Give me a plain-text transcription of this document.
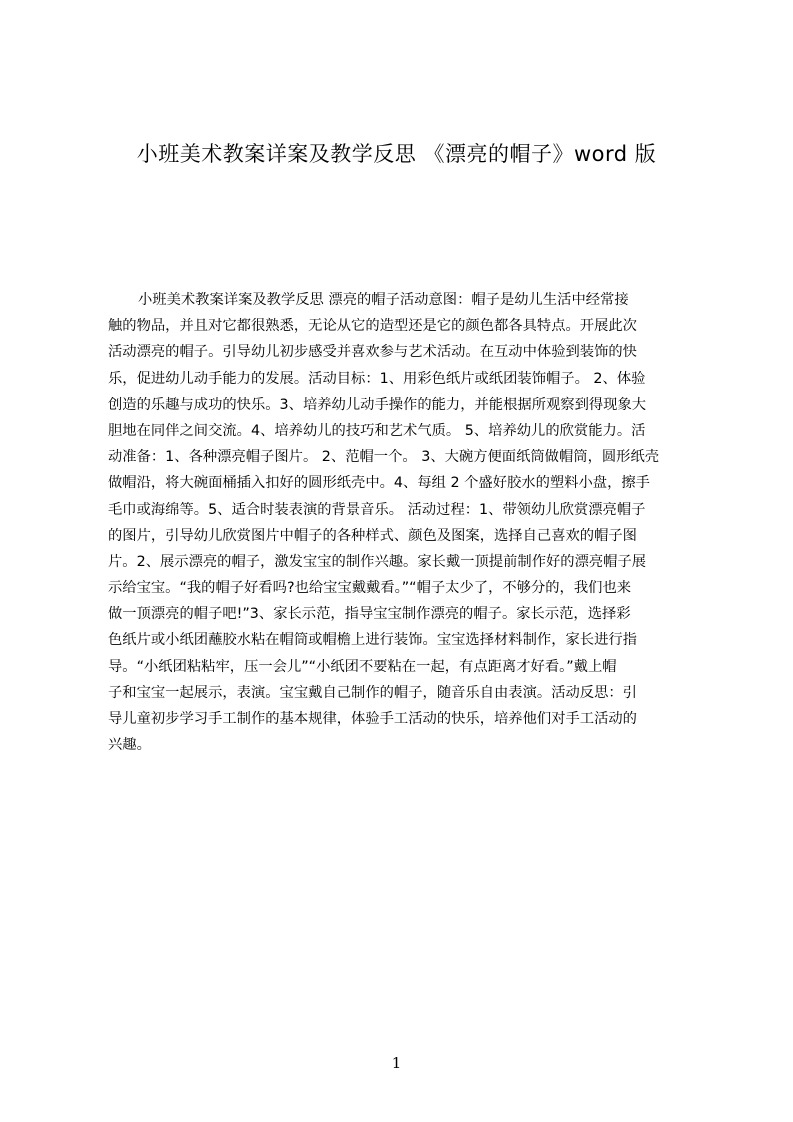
小班美术教案详案及教学反思 《漂亮的帽子》word 版
小班美术教案详案及教学反思 漂亮的帽子活动意图：帽子是幼儿生活中经常接
触的物品，并且对它都很熟悉，无论从它的造型还是它的颜色都各具特点。开展此次
活动漂亮的帽子。引导幼儿初步感受并喜欢参与艺术活动。在互动中体验到装饰的快
乐，促进幼儿动手能力的发展。活动目标：1、用彩色纸片或纸团装饰帽子。 2、体验
创造的乐趣与成功的快乐。3、培养幼儿动手操作的能力，并能根据所观察到得现象大
胆地在同伴之间交流。4、培养幼儿的技巧和艺术气质。 5、培养幼儿的欣赏能力。活
动准备：1、各种漂亮帽子图片。 2、范帽一个。 3、大碗方便面纸筒做帽筒，圆形纸壳
做帽沿，将大碗面桶插入扣好的圆形纸壳中。4、每组 2 个盛好胶水的塑料小盘，擦手
毛巾或海绵等。5、适合时装表演的背景音乐。 活动过程：1、带领幼儿欣赏漂亮帽子
的图片，引导幼儿欣赏图片中帽子的各种样式、颜色及图案，选择自己喜欢的帽子图
片。2、展示漂亮的帽子，激发宝宝的制作兴趣。家长戴一顶提前制作好的漂亮帽子展
示给宝宝。“我的帽子好看吗?也给宝宝戴戴看。”“帽子太少了，不够分的，我们也来
做一顶漂亮的帽子吧!”3、家长示范，指导宝宝制作漂亮的帽子。家长示范，选择彩
色纸片或小纸团蘸胶水粘在帽筒或帽檐上进行装饰。宝宝选择材料制作，家长进行指
导。“小纸团粘粘牢，压一会儿”“小纸团不要粘在一起，有点距离才好看。”戴上帽
子和宝宝一起展示，表演。宝宝戴自己制作的帽子，随音乐自由表演。活动反思：引
导儿童初步学习手工制作的基本规律，体验手工活动的快乐，培养他们对手工活动的
兴趣。
1
